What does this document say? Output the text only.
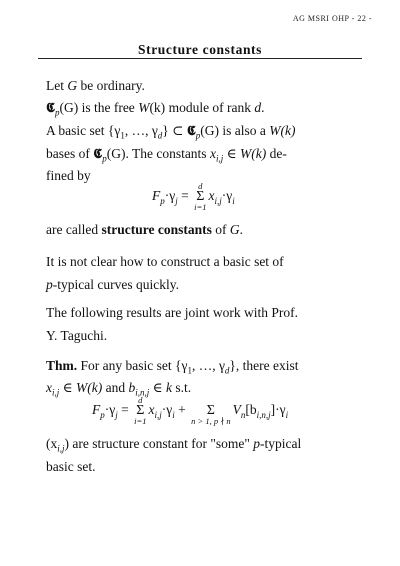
AG MSRI OHP - 22 -
Structure constants
Let G be ordinary.
𝕮$_p$(G) is the free W(k) module of rank d.
A basic set {$\gamma_1$, …, $\gamma_d$} ⊂ 𝕮$_p$(G) is also a W(k)
bases of 𝕮$_p$(G). The constants $x_{i,j}$ ∈ W(k) de-
fined by
$F_p\cdot\gamma_j$ =
d
Σ
i=1
$x_{i,j}\cdot\gamma_i$
are called structure constants of G.
It is not clear how to construct a basic set of
p-typical curves quickly.
The following results are joint work with Prof.
Y. Taguchi.
Thm. For any basic set {$\gamma_1$, …, $\gamma_d$}, there exist
$x_{i,j}$ ∈ W(k) and $b_{i,n,j}$ ∈ k s.t.
$F_p\cdot\gamma_j$ =
d
Σ
i=1
$x_{i,j}\cdot\gamma_i$ +
	Σ
n > 1, p ∤ n
$V_n[b_{i,n,j}]\cdot\gamma_i$
$(x_{i,j})$ are structure constant for "some" p-typical
basic set.
